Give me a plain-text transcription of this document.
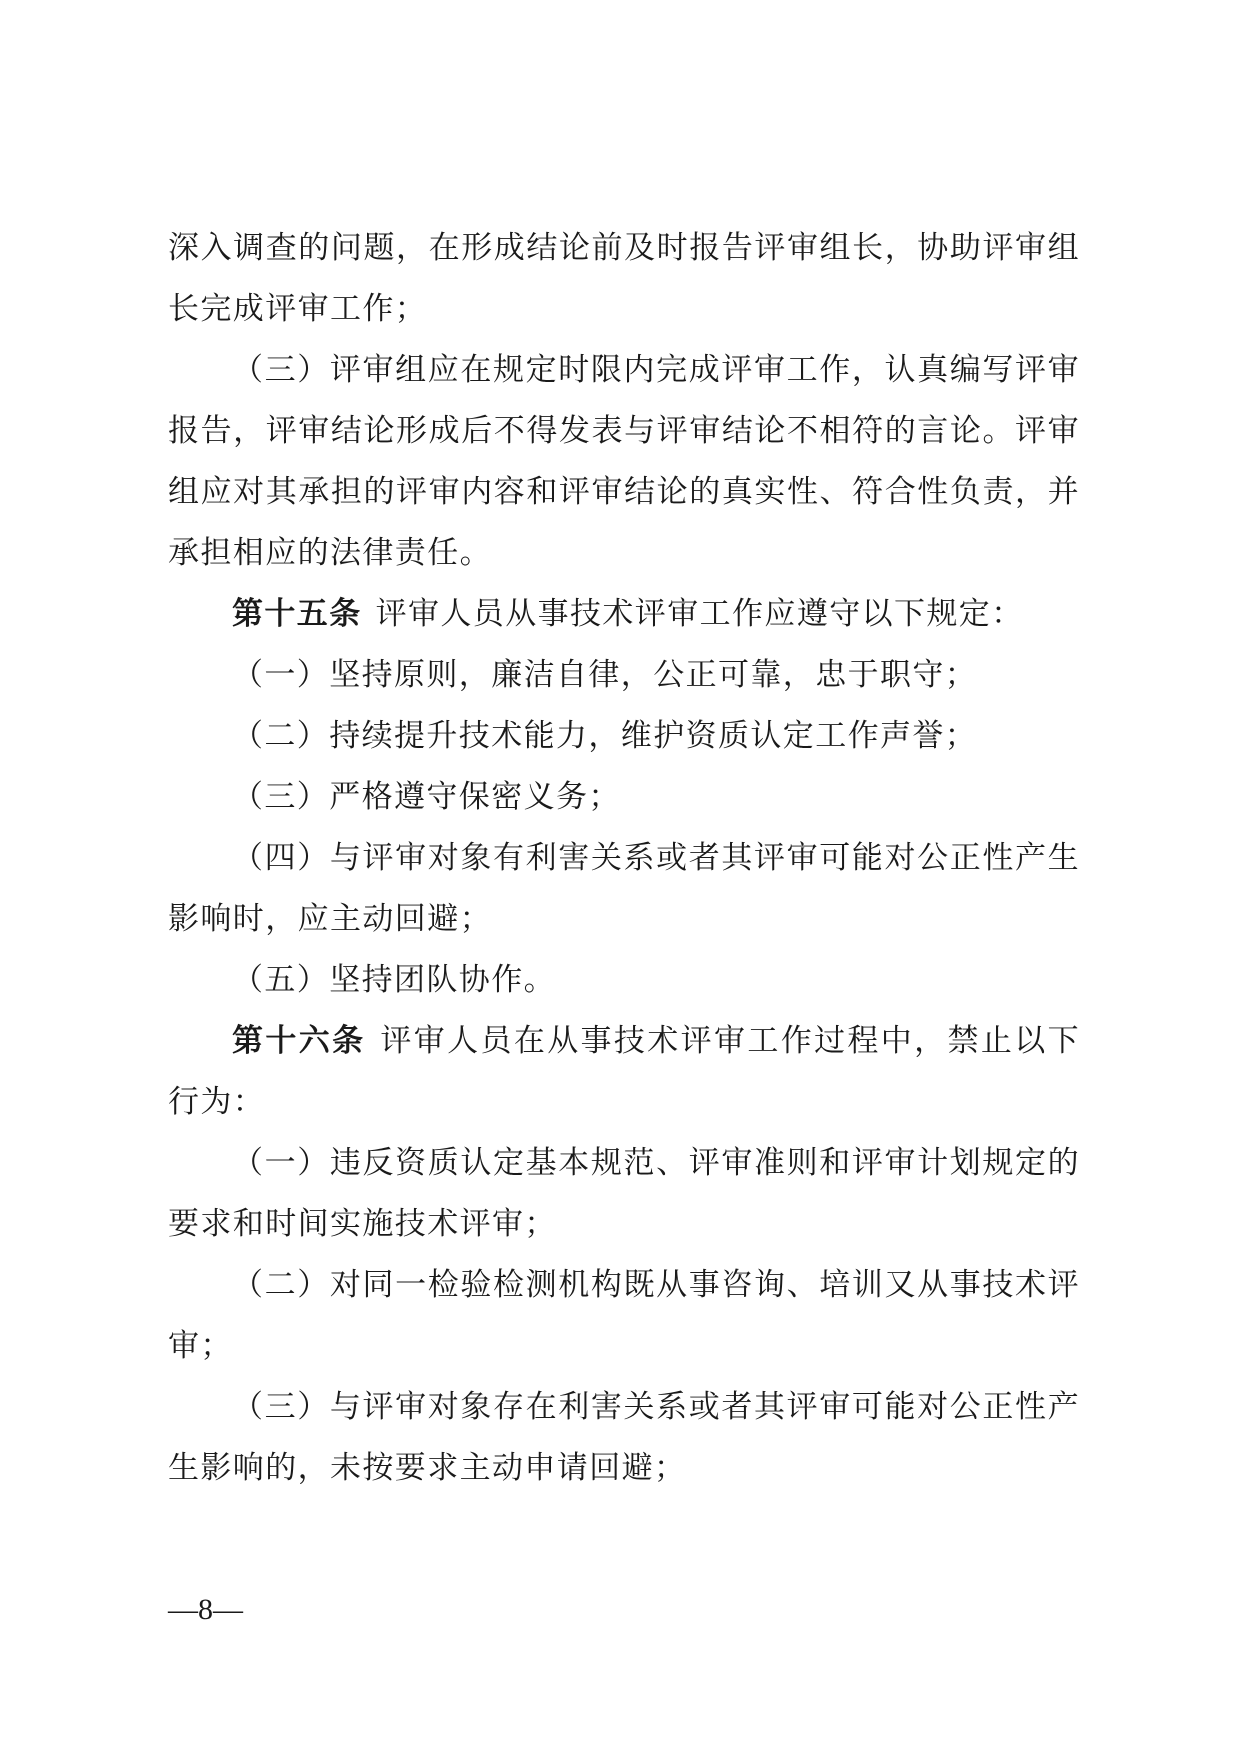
深入调查的问题，在形成结论前及时报告评审组长，协助评审组长完成评审工作；

（三）评审组应在规定时限内完成评审工作，认真编写评审报告，评审结论形成后不得发表与评审结论不相符的言论。评审组应对其承担的评审内容和评审结论的真实性、符合性负责，并承担相应的法律责任。

第十五条 评审人员从事技术评审工作应遵守以下规定：

（一）坚持原则，廉洁自律，公正可靠，忠于职守；

（二）持续提升技术能力，维护资质认定工作声誉；

（三）严格遵守保密义务；

（四）与评审对象有利害关系或者其评审可能对公正性产生影响时，应主动回避；

（五）坚持团队协作。

第十六条 评审人员在从事技术评审工作过程中，禁止以下行为：

（一）违反资质认定基本规范、评审准则和评审计划规定的要求和时间实施技术评审；

（二）对同一检验检测机构既从事咨询、培训又从事技术评审；

（三）与评审对象存在利害关系或者其评审可能对公正性产生影响的，未按要求主动申请回避；

—8—
